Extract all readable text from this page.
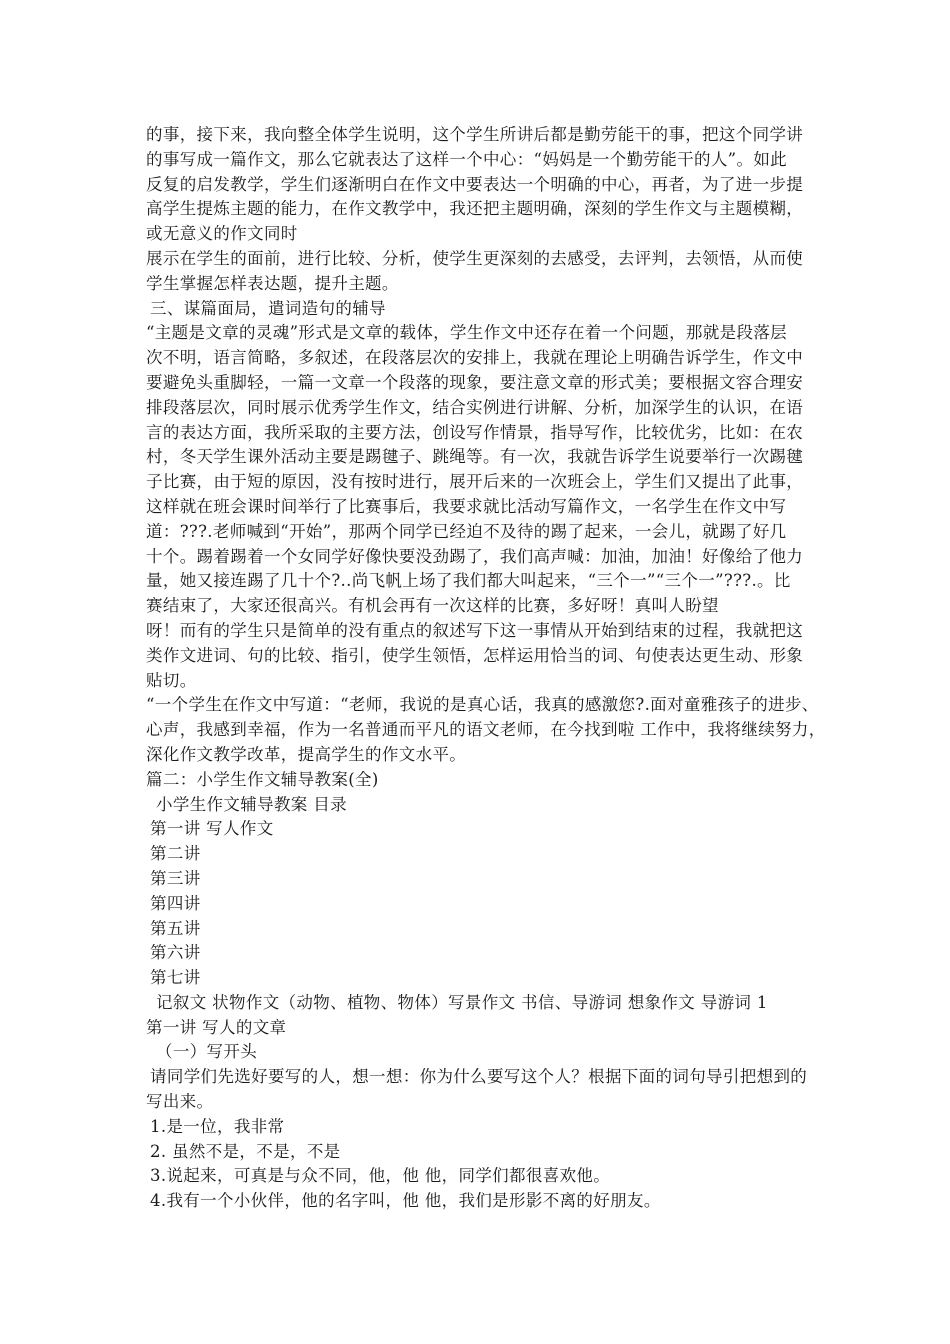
的事，接下来，我向整全体学生说明，这个学生所讲后都是勤劳能干的事，把这个同学讲
的事写成一篇作文，那么它就表达了这样一个中心：“妈妈是一个勤劳能干的人”。如此
反复的启发教学，学生们逐渐明白在作文中要表达一个明确的中心，再者，为了进一步提
高学生提炼主题的能力，在作文教学中，我还把主题明确，深刻的学生作文与主题模糊，
或无意义的作文同时
展示在学生的面前，进行比较、分析，使学生更深刻的去感受，去评判，去领悟，从而使
学生掌握怎样表达题，提升主题。
三、谋篇面局，遣词造句的辅导
“主题是文章的灵魂”形式是文章的载体，学生作文中还存在着一个问题，那就是段落层
次不明，语言简略，多叙述，在段落层次的安排上，我就在理论上明确告诉学生，作文中
要避免头重脚轻，一篇一文章一个段落的现象，要注意文章的形式美；要根据文容合理安
排段落层次，同时展示优秀学生作文，结合实例进行讲解、分析，加深学生的认识，在语
言的表达方面，我所采取的主要方法，创设写作情景，指导写作，比较优劣，比如：在农
村，冬天学生课外活动主要是踢毽子、跳绳等。有一次，我就告诉学生说要举行一次踢毽
子比赛，由于短的原因，没有按时进行，展开后来的一次班会上，学生们又提出了此事，
这样就在班会课时间举行了比赛事后，我要求就比活动写篇作文，一名学生在作文中写
道：???.老师喊到“开始”，那两个同学已经迫不及待的踢了起来，一会儿，就踢了好几
十个。踢着踢着一个女同学好像快要没劲踢了，我们高声喊：加油，加油！好像给了他力
量，她又接连踢了几十个?..尚飞帆上场了我们都大叫起来，“三个一”“三个一”???.。比
赛结束了，大家还很高兴。有机会再有一次这样的比赛，多好呀！真叫人盼望
呀！而有的学生只是简单的没有重点的叙述写下这一事情从开始到结束的过程，我就把这
类作文进词、句的比较、指引，使学生领悟，怎样运用恰当的词、句使表达更生动、形象
贴切。
“一个学生在作文中写道：“老师，我说的是真心话，我真的感激您?.面对童雅孩子的进步、
心声，我感到幸福，作为一名普通而平凡的语文老师，在今找到啦 工作中，我将继续努力，
深化作文教学改革，提高学生的作文水平。
篇二：小学生作文辅导教案(全)
小学生作文辅导教案 目录
第一讲 写人作文
第二讲
第三讲
第四讲
第五讲
第六讲
第七讲
记叙文 状物作文（动物、植物、物体）写景作文 书信、导游词 想象作文 导游词 1
第一讲 写人的文章
（一）写开头
请同学们先选好要写的人，想一想：你为什么要写这个人？根据下面的词句导引把想到的
写出来。
1.是一位，我非常
2. 虽然不是，不是，不是
3.说起来，可真是与众不同，他，他 他，同学们都很喜欢他。
4.我有一个小伙伴，他的名字叫，他 他，我们是形影不离的好朋友。
